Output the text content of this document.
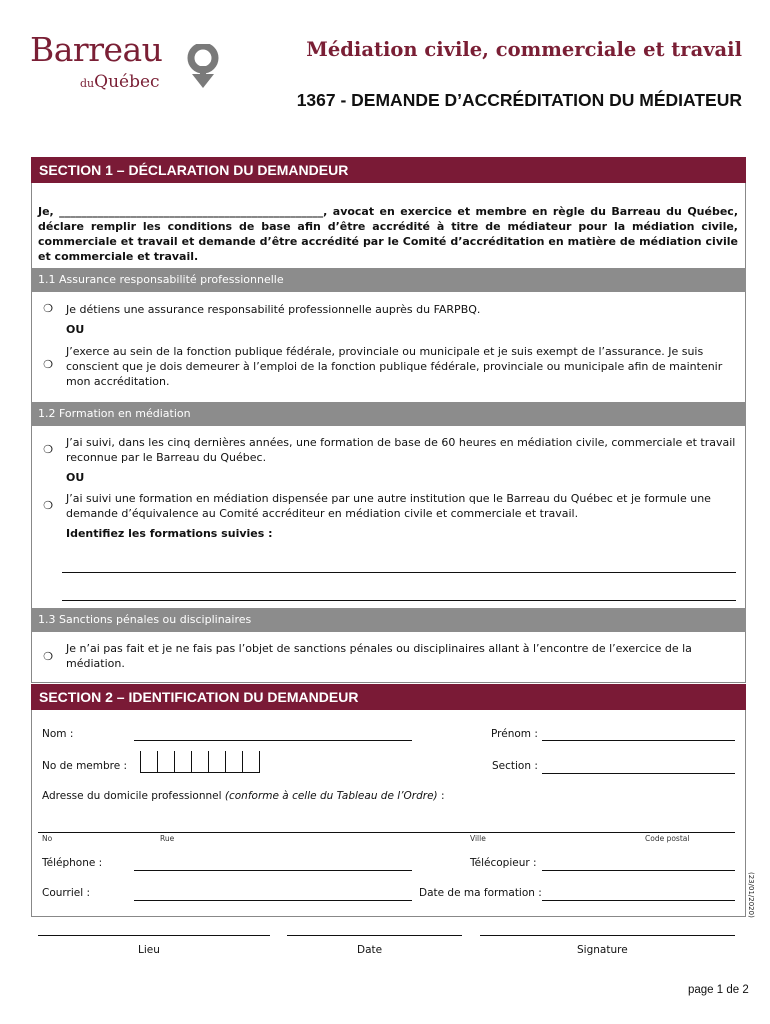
Barreau
duQuébec
Médiation civile, commerciale et travail
1367 - DEMANDE D’ACCRÉDITATION DU MÉDIATEUR
SECTION 1 – DÉCLARATION DU DEMANDEUR
Je, ________________________________________________, avocat en exercice et membre en règle du Barreau du Québec, déclare remplir les conditions de base afin d’être accrédité à titre de médiateur pour la médiation civile, commerciale et travail et demande d’être accrédité par le Comité d’accréditation en matière de médiation civile et commerciale et travail.
1.1 Assurance responsabilité professionnelle
❍ Je détiens une assurance responsabilité professionnelle auprès du FARPBQ.
OU
❍
J’exerce au sein de la fonction publique fédérale, provinciale ou municipale et je suis exempt de l’assurance. Je suis conscient que je dois demeurer à l’emploi de la fonction publique fédérale, provinciale ou municipale afin de maintenir mon accréditation.
1.2 Formation en médiation
❍
J’ai suivi, dans les cinq dernières années, une formation de base de 60 heures en médiation civile, commerciale et travail reconnue par le Barreau du Québec.
OU
❍
J’ai suivi une formation en médiation dispensée par une autre institution que le Barreau du Québec et je formule une demande d’équivalence au Comité accréditeur en médiation civile et commerciale et travail.
Identifiez les formations suivies :
1.3 Sanctions pénales ou disciplinaires
❍
Je n’ai pas fait et je ne fais pas l’objet de sanctions pénales ou disciplinaires allant à l’encontre de l’exercice de la médiation.
SECTION 2 – IDENTIFICATION DU DEMANDEUR
Nom :	Prénom :
No de membre :	Section :
Adresse du domicile professionnel (conforme à celle du Tableau de l’Ordre) :
No	Rue	Ville	Code postal
Téléphone :	Télécopieur :
Courriel :	Date de ma formation :	(23/01/2020)
Lieu	Date	Signature
page 1 de 2
